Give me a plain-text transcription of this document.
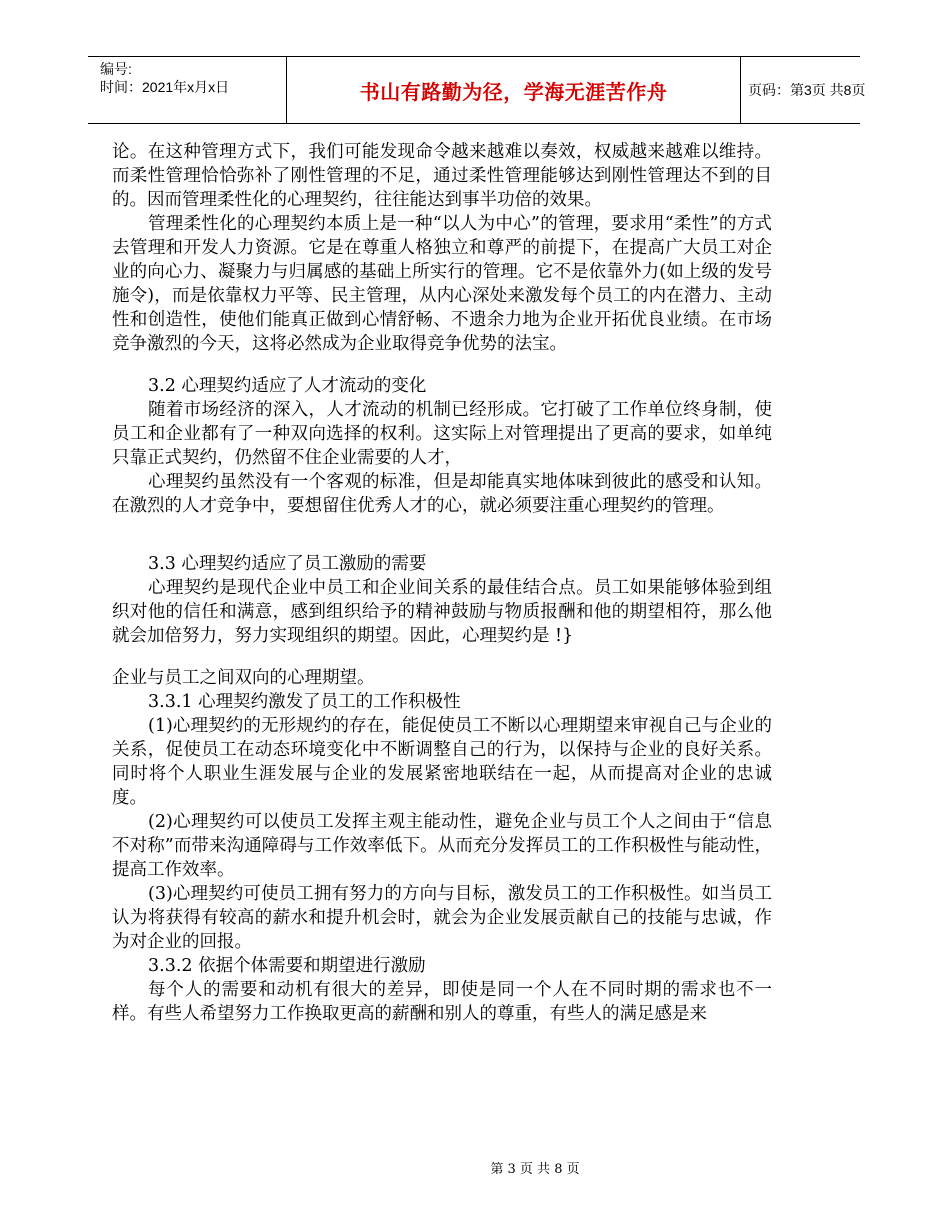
编号:
时间：2021年x月x日	书山有路勤为径，学海无涯苦作舟	页码：第3页 共8页

论。在这种管理方式下，我们可能发现命令越来越难以奏效，权威越来越难以维持。而柔性管理恰恰弥补了刚性管理的不足，通过柔性管理能够达到刚性管理达不到的目的。因而管理柔性化的心理契约，往往能达到事半功倍的效果。

管理柔性化的心理契约本质上是一种“以人为中心”的管理，要求用“柔性”的方式去管理和开发人力资源。它是在尊重人格独立和尊严的前提下，在提高广大员工对企业的向心力、凝聚力与归属感的基础上所实行的管理。它不是依靠外力(如上级的发号施令)，而是依靠权力平等、民主管理，从内心深处来激发每个员工的内在潜力、主动性和创造性，使他们能真正做到心情舒畅、不遗余力地为企业开拓优良业绩。在市场竞争激烈的今天，这将必然成为企业取得竞争优势的法宝。

3.2 心理契约适应了人才流动的变化

随着市场经济的深入，人才流动的机制已经形成。它打破了工作单位终身制，使员工和企业都有了一种双向选择的权利。这实际上对管理提出了更高的要求，如单纯只靠正式契约，仍然留不住企业需要的人才，

心理契约虽然没有一个客观的标准，但是却能真实地体味到彼此的感受和认知。在激烈的人才竞争中，要想留住优秀人才的心，就必须要注重心理契约的管理。

3.3 心理契约适应了员工激励的需要

心理契约是现代企业中员工和企业间关系的最佳结合点。员工如果能够体验到组织对他的信任和满意，感到组织给予的精神鼓励与物质报酬和他的期望相符，那么他就会加倍努力，努力实现组织的期望。因此，心理契约是 !}

企业与员工之间双向的心理期望。

3.3.1 心理契约激发了员工的工作积极性

(1)心理契约的无形规约的存在，能促使员工不断以心理期望来审视自己与企业的关系，促使员工在动态环境变化中不断调整自己的行为，以保持与企业的良好关系。同时将个人职业生涯发展与企业的发展紧密地联结在一起，从而提高对企业的忠诚度。

(2)心理契约可以使员工发挥主观主能动性，避免企业与员工个人之间由于“信息不对称”而带来沟通障碍与工作效率低下。从而充分发挥员工的工作积极性与能动性，提高工作效率。

(3)心理契约可使员工拥有努力的方向与目标，激发员工的工作积极性。如当员工认为将获得有较高的薪水和提升机会时，就会为企业发展贡献自己的技能与忠诚，作为对企业的回报。

3.3.2 依据个体需要和期望进行激励

每个人的需要和动机有很大的差异，即使是同一个人在不同时期的需求也不一样。有些人希望努力工作换取更高的薪酬和别人的尊重，有些人的满足感是来

第 3 页 共 8 页
